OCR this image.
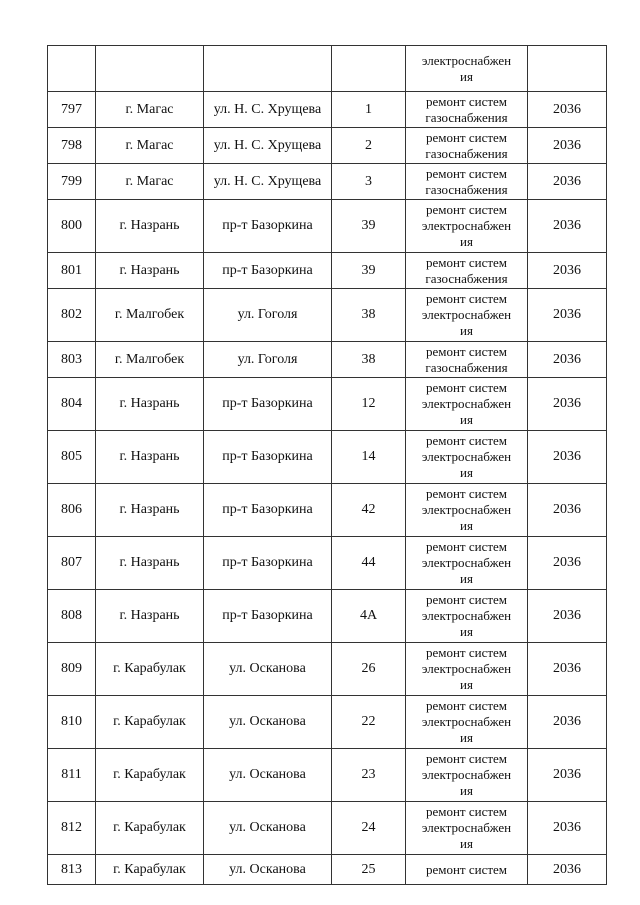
				электроснабжен
ия	

797	г. Магас	ул. Н. С. Хрущева	1	ремонт систем
газоснабжения	2036
798	г. Магас	ул. Н. С. Хрущева	2	ремонт систем
газоснабжения	2036
799	г. Магас	ул. Н. С. Хрущева	3	ремонт систем
газоснабжения	2036
800	г. Назрань	пр-т Базоркина	39	ремонт систем
электроснабжен
ия	2036
801	г. Назрань	пр-т Базоркина	39	ремонт систем
газоснабжения	2036
802	г. Малгобек	ул. Гоголя	38	ремонт систем
электроснабжен
ия	2036
803	г. Малгобек	ул. Гоголя	38	ремонт систем
газоснабжения	2036
804	г. Назрань	пр-т Базоркина	12	ремонт систем
электроснабжен
ия	2036
805	г. Назрань	пр-т Базоркина	14	ремонт систем
электроснабжен
ия	2036
806	г. Назрань	пр-т Базоркина	42	ремонт систем
электроснабжен
ия	2036
807	г. Назрань	пр-т Базоркина	44	ремонт систем
электроснабжен
ия	2036
808	г. Назрань	пр-т Базоркина	4А	ремонт систем
электроснабжен
ия	2036
809	г. Карабулак	ул. Осканова	26	ремонт систем
электроснабжен
ия	2036
810	г. Карабулак	ул. Осканова	22	ремонт систем
электроснабжен
ия	2036
811	г. Карабулак	ул. Осканова	23	ремонт систем
электроснабжен
ия	2036
812	г. Карабулак	ул. Осканова	24	ремонт систем
электроснабжен
ия	2036
813	г. Карабулак	ул. Осканова	25	ремонт систем	2036
